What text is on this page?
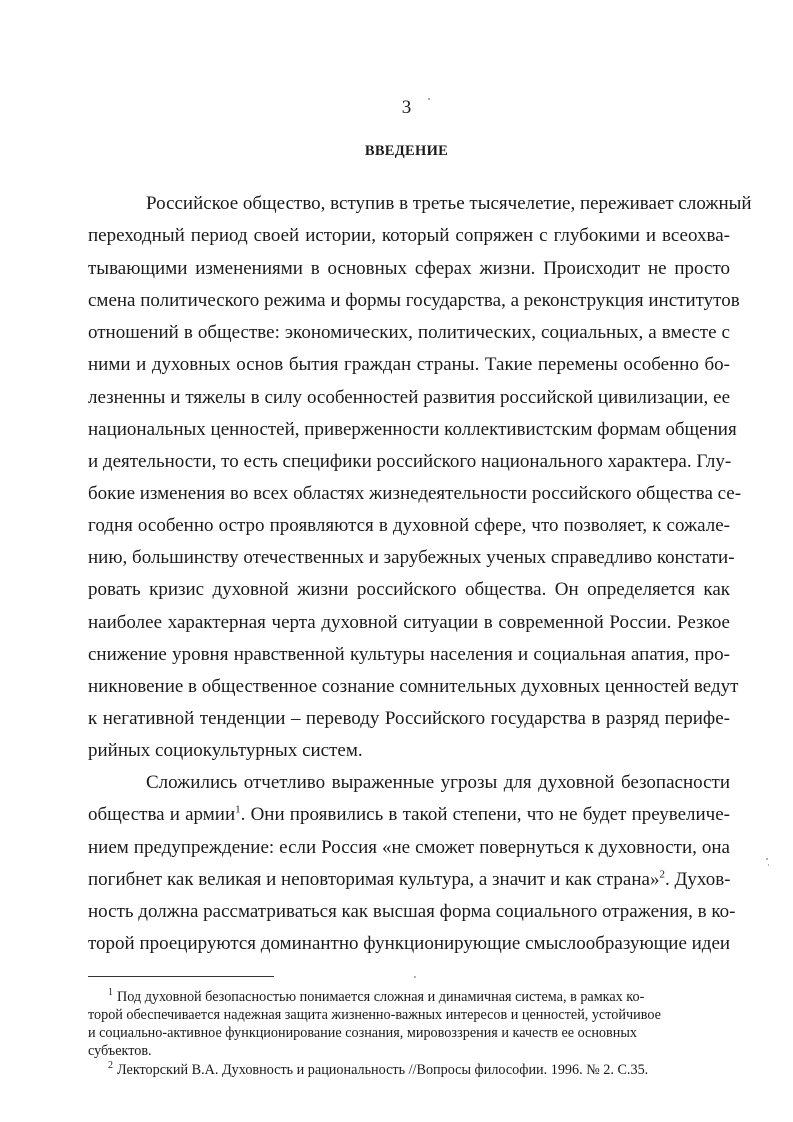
3
ВВЕДЕНИЕ
Российское общество, вступив в третье тысячелетие, переживает сложный
переходный период своей истории, который сопряжен с глубокими и всеохва-
тывающими изменениями в основных сферах жизни. Происходит не просто
смена политического режима и формы государства, а реконструкция институтов
отношений в обществе: экономических, политических, социальных, а вместе с
ними и духовных основ бытия граждан страны. Такие перемены особенно бо-
лезненны и тяжелы в силу особенностей развития российской цивилизации, ее
национальных ценностей, приверженности коллективистским формам общения
и деятельности, то есть специфики российского национального характера. Глу-
бокие изменения во всех областях жизнедеятельности российского общества се-
годня особенно остро проявляются в духовной сфере, что позволяет, к сожале-
нию, большинству отечественных и зарубежных ученых справедливо констати-
ровать кризис духовной жизни российского общества. Он определяется как
наиболее характерная черта духовной ситуации в современной России. Резкое
снижение уровня нравственной культуры населения и социальная апатия, про-
никновение в общественное сознание сомнительных духовных ценностей ведут
к негативной тенденции – переводу Российского государства в разряд перифе-
рийных социокультурных систем.
Сложились отчетливо выраженные угрозы для духовной безопасности
общества и армии$^1$. Они проявились в такой степени, что не будет преувеличе-
нием предупреждение: если Россия «не сможет повернуться к духовности, она
погибнет как великая и неповторимая культура, а значит и как страна»$^2$. Духов-
ность должна рассматриваться как высшая форма социального отражения, в ко-
торой проецируются доминантно функционирующие смыслообразующие идеи
$^1$ Под духовной безопасностью понимается сложная и динамичная система, в рамках ко-
торой обеспечивается надежная защита жизненно-важных интересов и ценностей, устойчивое
и социально-активное функционирование сознания, мировоззрения и качеств ее основных
субъектов.
$^2$ Лекторский В.А. Духовность и рациональность //Вопросы философии. 1996. № 2. С.35.
